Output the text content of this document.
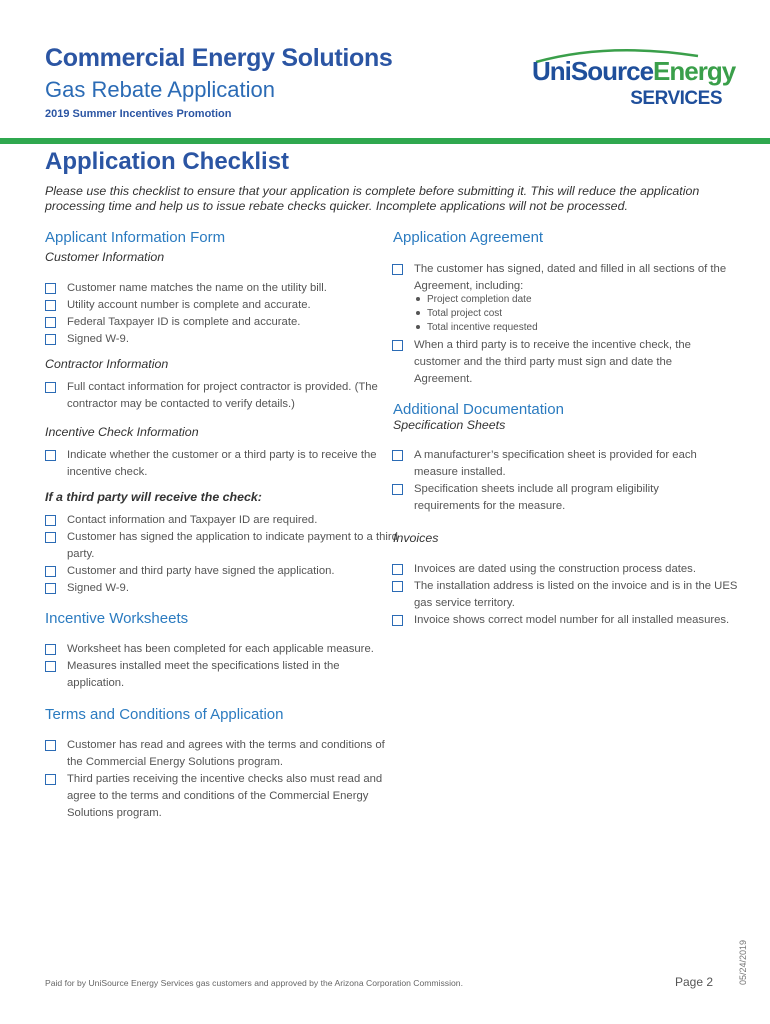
Commercial Energy Solutions
Gas Rebate Application
2019 Summer Incentives Promotion
UniSourceEnergy
SERVICES
Application Checklist
Please use this checklist to ensure that your application is complete before submitting it. This will reduce the application processing time and help us to issue rebate checks quicker. Incomplete applications will not be processed.
Applicant Information Form
Customer Information
Customer name matches the name on the utility bill.
Utility account number is complete and accurate.
Federal Taxpayer ID is complete and accurate.
Signed W-9.
Contractor Information
Full contact information for project contractor is provided. (The contractor may be contacted to verify details.)
Incentive Check Information
Indicate whether the customer or a third party is to receive the incentive check.
If a third party will receive the check:
Contact information and Taxpayer ID are required.
Customer has signed the application to indicate payment to a third party.
Customer and third party have signed the application.
Signed W-9.
Incentive Worksheets
Worksheet has been completed for each applicable measure.
Measures installed meet the specifications listed in the application.
Terms and Conditions of Application
Customer has read and agrees with the terms and conditions of the Commercial Energy Solutions program.
Third parties receiving the incentive checks also must read and agree to the terms and conditions of the Commercial Energy Solutions program.
Application Agreement
The customer has signed, dated and filled in all sections of the Agreement, including:
Project completion date
Total project cost
Total incentive requested
When a third party is to receive the incentive check, the customer and the third party must sign and date the Agreement.
Additional Documentation
Specification Sheets
A manufacturer’s specification sheet is provided for each measure installed.
Specification sheets include all program eligibility requirements for the measure.
Invoices
Invoices are dated using the construction process dates.
The installation address is listed on the invoice and is in the UES gas service territory.
Invoice shows correct model number for all installed measures.
Paid for by UniSource Energy Services gas customers and approved by the Arizona Corporation Commission.	Page 2	05/24/2019
